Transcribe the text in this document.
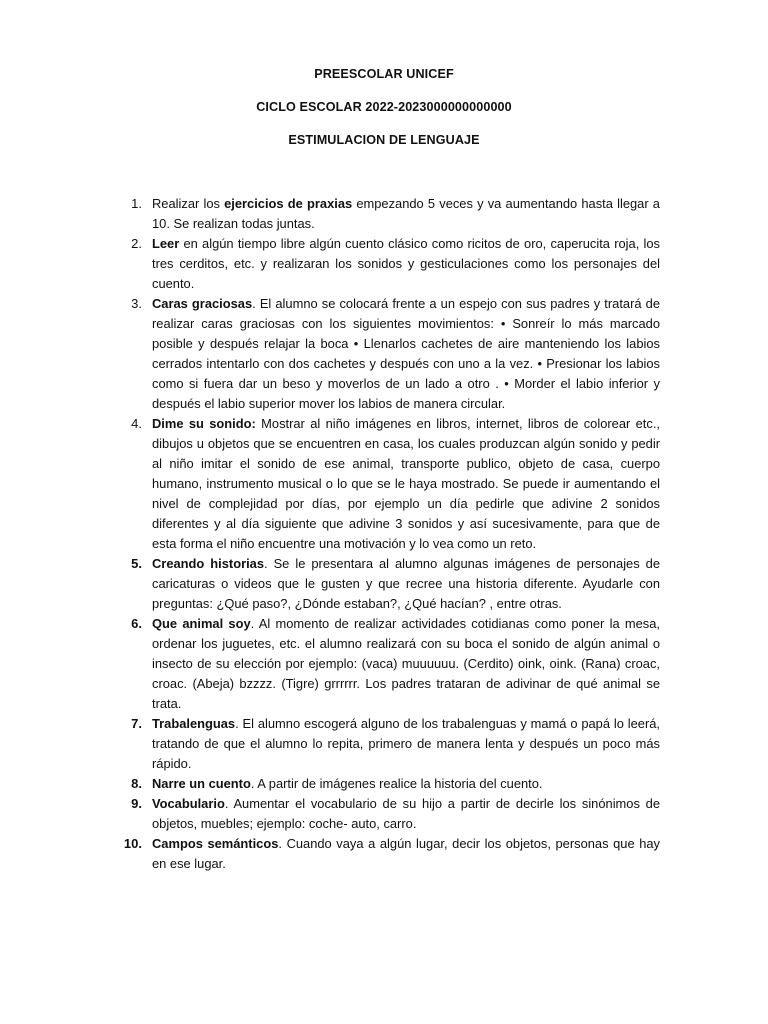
PREESCOLAR UNICEF
CICLO ESCOLAR 2022-2023000000000000
ESTIMULACION DE LENGUAJE
1. Realizar los ejercicios de praxias empezando 5 veces y va aumentando hasta llegar a 10. Se realizan todas juntas.
2. Leer en algún tiempo libre algún cuento clásico como ricitos de oro, caperucita roja, los tres cerditos, etc. y realizaran los sonidos y gesticulaciones como los personajes del cuento.
3. Caras graciosas. El alumno se colocará frente a un espejo con sus padres y tratará de realizar caras graciosas con los siguientes movimientos: • Sonreír lo más marcado posible y después relajar la boca • Llenarlos cachetes de aire manteniendo los labios cerrados intentarlo con dos cachetes y después con uno a la vez. • Presionar los labios como si fuera dar un beso y moverlos de un lado a otro . • Morder el labio inferior y después el labio superior mover los labios de manera circular.
4. Dime su sonido: Mostrar al niño imágenes en libros, internet, libros de colorear etc., dibujos u objetos que se encuentren en casa, los cuales produzcan algún sonido y pedir al niño imitar el sonido de ese animal, transporte publico, objeto de casa, cuerpo humano, instrumento musical o lo que se le haya mostrado. Se puede ir aumentando el nivel de complejidad por días, por ejemplo un día pedirle que adivine 2 sonidos diferentes y al día siguiente que adivine 3 sonidos y así sucesivamente, para que de esta forma el niño encuentre una motivación y lo vea como un reto.
5. Creando historias. Se le presentara al alumno algunas imágenes de personajes de caricaturas o videos que le gusten y que recree una historia diferente. Ayudarle con preguntas: ¿Qué paso?, ¿Dónde estaban?, ¿Qué hacían? , entre otras.
6. Que animal soy. Al momento de realizar actividades cotidianas como poner la mesa, ordenar los juguetes, etc. el alumno realizará con su boca el sonido de algún animal o insecto de su elección por ejemplo: (vaca) muuuuuu. (Cerdito) oink, oink. (Rana) croac, croac. (Abeja) bzzzz. (Tigre) grrrrrr. Los padres trataran de adivinar de qué animal se trata.
7. Trabalenguas. El alumno escogerá alguno de los trabalenguas y mamá o papá lo leerá, tratando de que el alumno lo repita, primero de manera lenta y después un poco más rápido.
8. Narre un cuento. A partir de imágenes realice la historia del cuento.
9. Vocabulario. Aumentar el vocabulario de su hijo a partir de decirle los sinónimos de objetos, muebles; ejemplo: coche- auto, carro.
10. Campos semánticos. Cuando vaya a algún lugar, decir los objetos, personas que hay en ese lugar.
